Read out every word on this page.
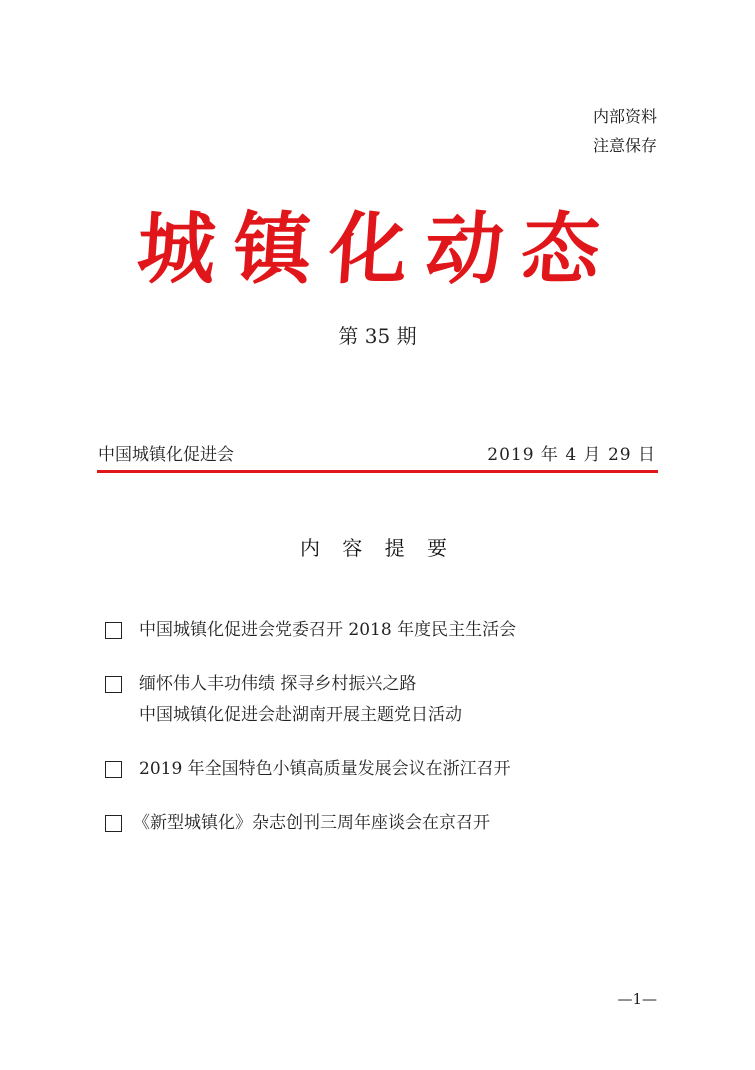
内部资料
注意保存
城镇化动态
第 35 期
中国城镇化促进会	2019 年 4 月 29 日
内 容 提 要
中国城镇化促进会党委召开 2018 年度民主生活会
缅怀伟人丰功伟绩 探寻乡村振兴之路
中国城镇化促进会赴湖南开展主题党日活动
2019 年全国特色小镇高质量发展会议在浙江召开
《新型城镇化》杂志创刊三周年座谈会在京召开
—1—
